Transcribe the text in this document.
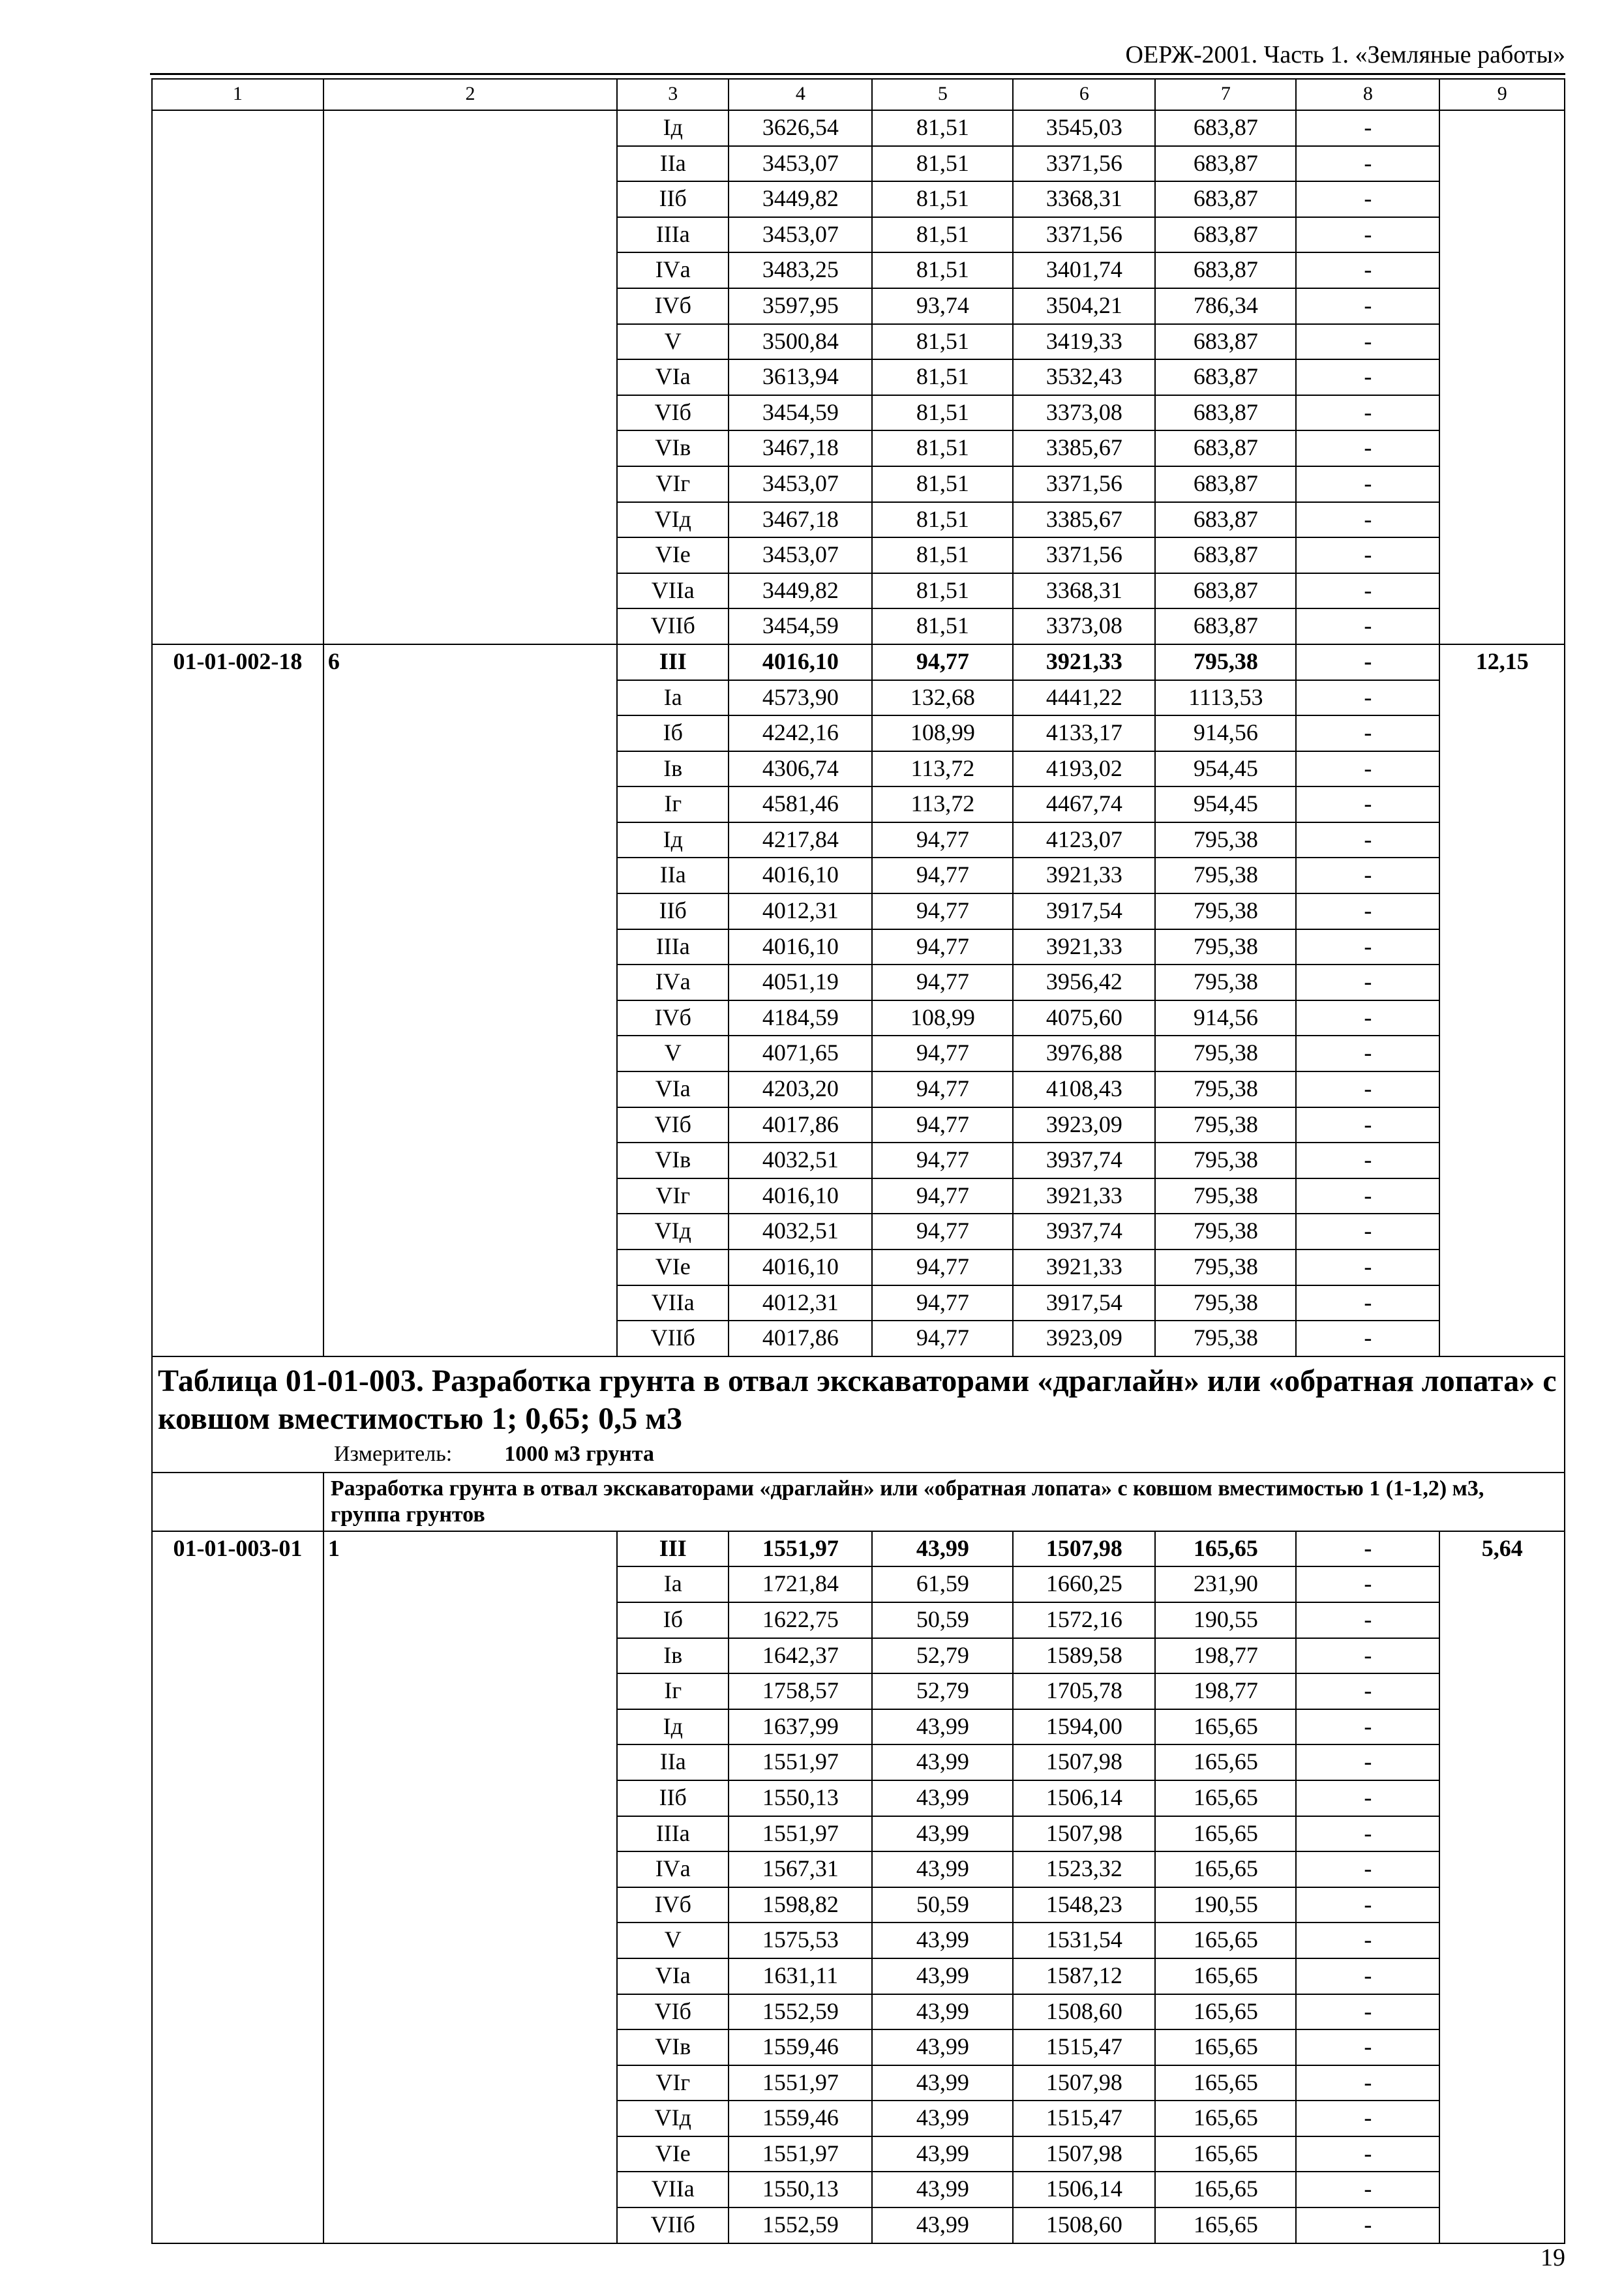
ОЕРЖ-2001. Часть 1. «Земляные работы»
1	2	3	4	5	6	7	8	9
		Iд	3626,54	81,51	3545,03	683,87	-	
		IIа	3453,07	81,51	3371,56	683,87	-	
		IIб	3449,82	81,51	3368,31	683,87	-	
		IIIа	3453,07	81,51	3371,56	683,87	-	
		IVа	3483,25	81,51	3401,74	683,87	-	
		IVб	3597,95	93,74	3504,21	786,34	-	
		V	3500,84	81,51	3419,33	683,87	-	
		VIа	3613,94	81,51	3532,43	683,87	-	
		VIб	3454,59	81,51	3373,08	683,87	-	
		VIв	3467,18	81,51	3385,67	683,87	-	
		VIг	3453,07	81,51	3371,56	683,87	-	
		VIд	3467,18	81,51	3385,67	683,87	-	
		VIе	3453,07	81,51	3371,56	683,87	-	
		VIIа	3449,82	81,51	3368,31	683,87	-	
		VIIб	3454,59	81,51	3373,08	683,87	-	
01-01-002-18	6	III	4016,10	94,77	3921,33	795,38	-	12,15
		Iа	4573,90	132,68	4441,22	1113,53	-	
		Iб	4242,16	108,99	4133,17	914,56	-	
		Iв	4306,74	113,72	4193,02	954,45	-	
		Iг	4581,46	113,72	4467,74	954,45	-	
		Iд	4217,84	94,77	4123,07	795,38	-	
		IIа	4016,10	94,77	3921,33	795,38	-	
		IIб	4012,31	94,77	3917,54	795,38	-	
		IIIа	4016,10	94,77	3921,33	795,38	-	
		IVа	4051,19	94,77	3956,42	795,38	-	
		IVб	4184,59	108,99	4075,60	914,56	-	
		V	4071,65	94,77	3976,88	795,38	-	
		VIа	4203,20	94,77	4108,43	795,38	-	
		VIб	4017,86	94,77	3923,09	795,38	-	
		VIв	4032,51	94,77	3937,74	795,38	-	
		VIг	4016,10	94,77	3921,33	795,38	-	
		VIд	4032,51	94,77	3937,74	795,38	-	
		VIе	4016,10	94,77	3921,33	795,38	-	
		VIIа	4012,31	94,77	3917,54	795,38	-	
		VIIб	4017,86	94,77	3923,09	795,38	-	

Таблица 01-01-003. Разработка грунта в отвал экскаваторами «драглайн» или «обратная лопата» с ковшом вместимостью 1; 0,65; 0,5 м3
Измеритель: 1000 м3 грунта								

	Разработка грунта в отвал экскаваторами «драглайн» или «обратная лопата» с ковшом вместимостью 1 (1-1,2) м3, группа грунтов							
01-01-003-01	1	III	1551,97	43,99	1507,98	165,65	-	5,64
		Iа	1721,84	61,59	1660,25	231,90	-	
		Iб	1622,75	50,59	1572,16	190,55	-	
		Iв	1642,37	52,79	1589,58	198,77	-	
		Iг	1758,57	52,79	1705,78	198,77	-	
		Iд	1637,99	43,99	1594,00	165,65	-	
		IIа	1551,97	43,99	1507,98	165,65	-	
		IIб	1550,13	43,99	1506,14	165,65	-	
		IIIа	1551,97	43,99	1507,98	165,65	-	
		IVа	1567,31	43,99	1523,32	165,65	-	
		IVб	1598,82	50,59	1548,23	190,55	-	
		V	1575,53	43,99	1531,54	165,65	-	
		VIа	1631,11	43,99	1587,12	165,65	-	
		VIб	1552,59	43,99	1508,60	165,65	-	
		VIв	1559,46	43,99	1515,47	165,65	-	
		VIг	1551,97	43,99	1507,98	165,65	-	
		VIд	1559,46	43,99	1515,47	165,65	-	
		VIе	1551,97	43,99	1507,98	165,65	-	
		VIIа	1550,13	43,99	1506,14	165,65	-	
		VIIб	1552,59	43,99	1508,60	165,65	-	
19
